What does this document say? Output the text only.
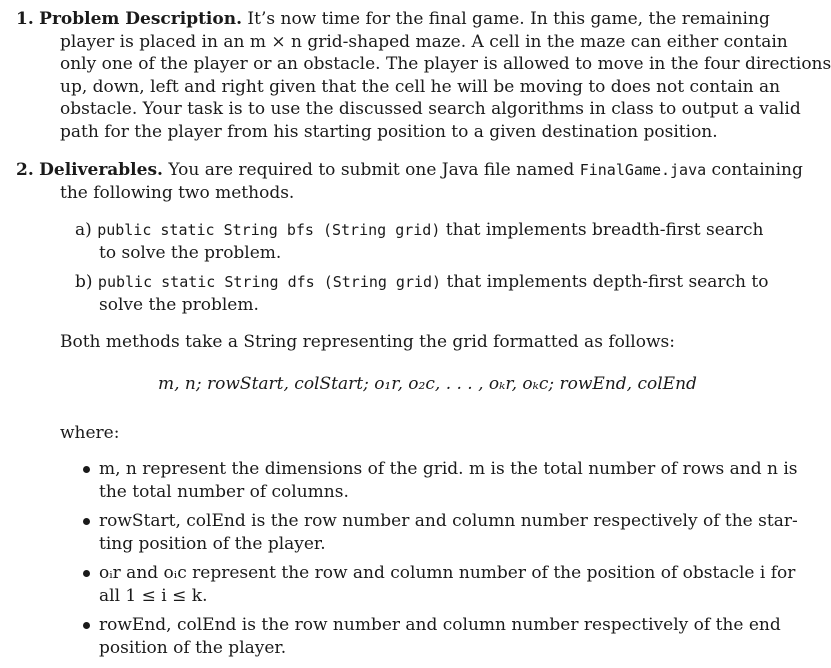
1. Problem Description. It’s now time for the final game. In this game, the remaining
player is placed in an m × n grid-shaped maze. A cell in the maze can either contain
only one of the player or an obstacle. The player is allowed to move in the four directions
up, down, left and right given that the cell he will be moving to does not contain an
obstacle. Your task is to use the discussed search algorithms in class to output a valid
path for the player from his starting position to a given destination position.
2. Deliverables. You are required to submit one Java file named FinalGame.java containing
the following two methods.
a) public static String bfs (String grid) that implements breadth-first search
to solve the problem.
b) public static String dfs (String grid) that implements depth-first search to
solve the problem.
Both methods take a String representing the grid formatted as follows:
m, n; rowStart, colStart; o₁r, o₂c, . . . , oₖr, oₖc; rowEnd, colEnd
where:
m, n represent the dimensions of the grid. m is the total number of rows and n is
the total number of columns.
rowStart, colEnd is the row number and column number respectively of the star-
ting position of the player.
oᵢr and oᵢc represent the row and column number of the position of obstacle i for
all 1 ≤ i ≤ k.
rowEnd, colEnd is the row number and column number respectively of the end
position of the player.
